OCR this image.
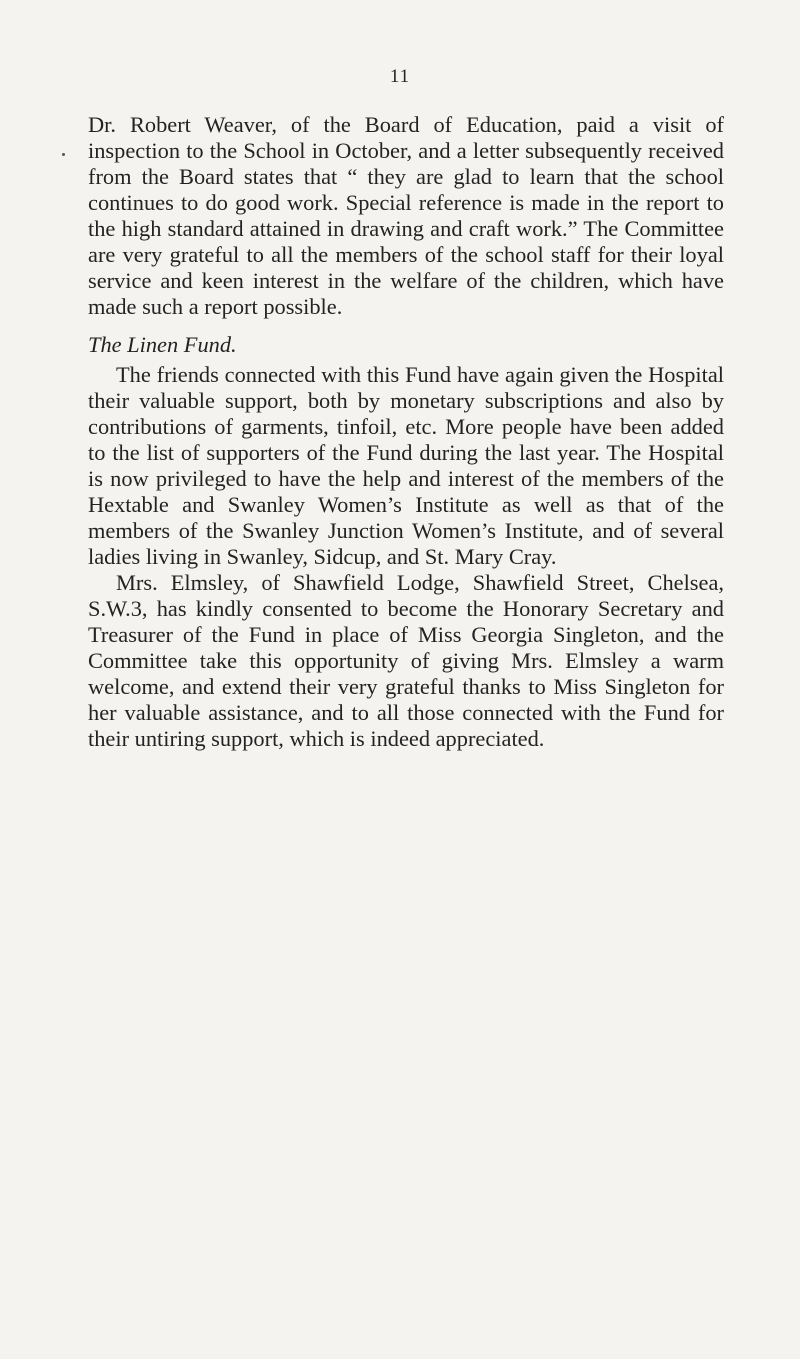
11

Dr. Robert Weaver, of the Board of Education, paid a visit of inspection to the School in October, and a letter subsequently received from the Board states that “ they are glad to learn that the school continues to do good work. Special reference is made in the report to the high standard attained in drawing and craft work.” The Committee are very grateful to all the members of the school staff for their loyal service and keen interest in the welfare of the children, which have made such a report possible.

The Linen Fund.

The friends connected with this Fund have again given the Hospital their valuable support, both by monetary subscriptions and also by contributions of garments, tinfoil, etc. More people have been added to the list of supporters of the Fund during the last year. The Hospital is now privileged to have the help and interest of the members of the Hextable and Swanley Women’s Institute as well as that of the members of the Swanley Junction Women’s Institute, and of several ladies living in Swanley, Sidcup, and St. Mary Cray.

Mrs. Elmsley, of Shawfield Lodge, Shawfield Street, Chelsea, S.W.3, has kindly consented to become the Honorary Secretary and Treasurer of the Fund in place of Miss Georgia Singleton, and the Committee take this opportunity of giving Mrs. Elmsley a warm welcome, and extend their very grateful thanks to Miss Singleton for her valuable assistance, and to all those connected with the Fund for their untiring support, which is indeed appreciated.
